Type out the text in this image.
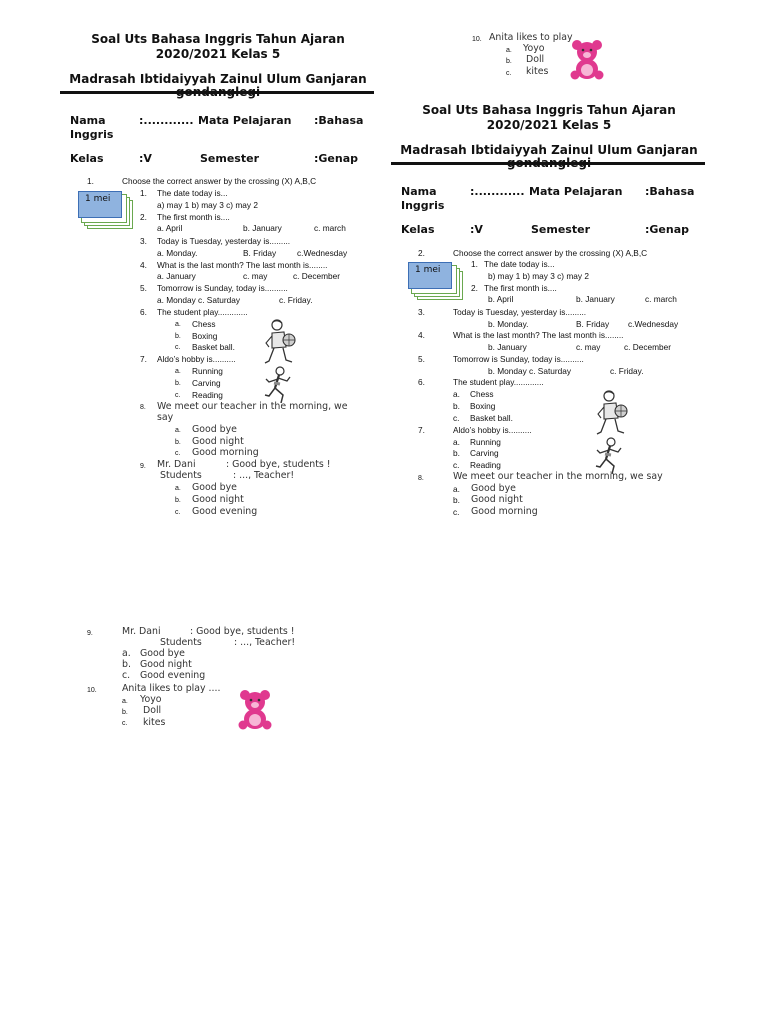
Soal Uts Bahasa Inggris Tahun Ajaran
2020/2021 Kelas 5
Madrasah Ibtidaiyyah Zainul Ulum Ganjaran
Nama	:............ Mata Pelajaran :Bahasa
Inggris
Kelas	:V	Semester	:Genap
1 mei
1.	Choose the correct answer by the crossing (X) A,B,C
1. The date today is...
a) may 1 b) may 3 c) may 2
2. The first month is....
a. April	b. January	c. march
3. Today is Tuesday, yesterday is.........
a. Monday.	B. Friday	c.Wednesday
4. What is the last month? The last month is........
a. January	c. may	c. December
5. Tomorrow is Sunday, today is..........
a. Monday c. Saturday	c. Friday.
6. The student play.............
a. Chess
b. Boxing
c. Basket ball.
7. Aldo’s hobby is..........
a. Running
b. Carving
c. Reading
8. We meet our teacher in the morning, we
say
a. Good bye
b. Good night
c. Good morning
9. Mr. Dani	: Good bye, students !
Students	: ..., Teacher!
a. Good bye
b. Good night
c. Good evening
10. Anita likes to play
a. Yoyo
b. Doll
c. kites
Soal Uts Bahasa Inggris Tahun Ajaran
2020/2021 Kelas 5
Madrasah Ibtidaiyyah Zainul Ulum Ganjaran
Nama	:............ Mata Pelajaran :Bahasa
Inggris
Kelas	:V	Semester	:Genap
1 mei
2.	Choose the correct answer by the crossing (X) A,B,C
1. The date today is...
b) may 1 b) may 3 c) may 2
2. The first month is....
b. April	b. January	c. march
3.	Today is Tuesday, yesterday is.........
b. Monday.	B. Friday c.Wednesday
4.	What is the last month? The last month is........
b. January	c. may	c. December
5.	Tomorrow is Sunday, today is..........
b. Monday c. Saturday	c. Friday.
6.	The student play.............
a. Chess
b. Boxing
c. Basket ball.
7.	Aldo’s hobby is..........
a. Running
b. Carving
c. Reading
8.	We meet our teacher in the morning, we say
a. Good bye
b. Good night
c. Good morning
9.	Mr. Dani	: Good bye, students !
Students	: ..., Teacher!
a. Good bye
b. Good night
c. Good evening
10.	Anita likes to play ....
a. Yoyo
b. Doll
c. kites
